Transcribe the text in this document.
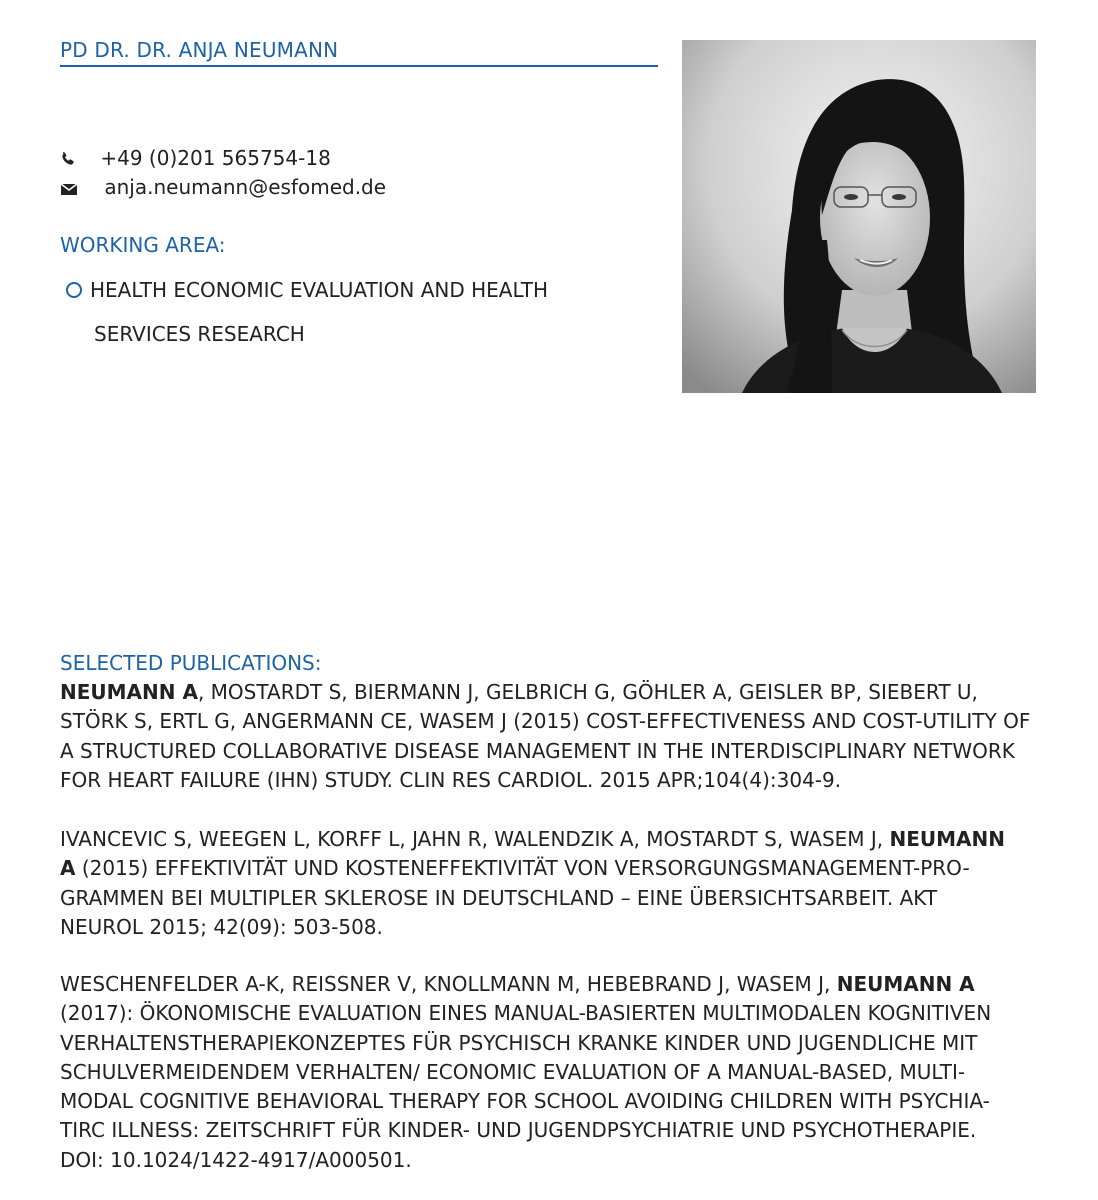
PD DR. DR. ANJA NEUMANN
+49 (0)201 565754-18
anja.neumann@esfomed.de
WORKING AREA:
HEALTH ECONOMIC EVALUATION AND HEALTH
SERVICES RESEARCH
SELECTED PUBLICATIONS:
NEUMANN A, MOSTARDT S, BIERMANN J, GELBRICH G, GÖHLER A, GEISLER BP, SIEBERT U,
STÖRK S, ERTL G, ANGERMANN CE, WASEM J (2015) COST-EFFECTIVENESS AND COST-UTILITY OF
A STRUCTURED COLLABORATIVE DISEASE MANAGEMENT IN THE INTERDISCIPLINARY NETWORK
FOR HEART FAILURE (IHN) STUDY. CLIN RES CARDIOL. 2015 APR;104(4):304-9.
IVANCEVIC S, WEEGEN L, KORFF L, JAHN R, WALENDZIK A, MOSTARDT S, WASEM J, NEUMANN
A (2015) EFFEKTIVITÄT UND KOSTENEFFEKTIVITÄT VON VERSORGUNGSMANAGEMENT-PRO-
GRAMMEN BEI MULTIPLER SKLEROSE IN DEUTSCHLAND – EINE ÜBERSICHTSARBEIT. AKT
NEUROL 2015; 42(09): 503-508.
WESCHENFELDER A-K, REISSNER V, KNOLLMANN M, HEBEBRAND J, WASEM J, NEUMANN A
(2017): ÖKONOMISCHE EVALUATION EINES MANUAL-BASIERTEN MULTIMODALEN KOGNITIVEN
VERHALTENSTHERAPIEKONZEPTES FÜR PSYCHISCH KRANKE KINDER UND JUGENDLICHE MIT
SCHULVERMEIDENDEM VERHALTEN/ ECONOMIC EVALUATION OF A MANUAL-BASED, MULTI-
MODAL COGNITIVE BEHAVIORAL THERAPY FOR SCHOOL AVOIDING CHILDREN WITH PSYCHIA-
TIRC ILLNESS: ZEITSCHRIFT FÜR KINDER- UND JUGENDPSYCHIATRIE UND PSYCHOTHERAPIE.
DOI: 10.1024/1422-4917/A000501.
